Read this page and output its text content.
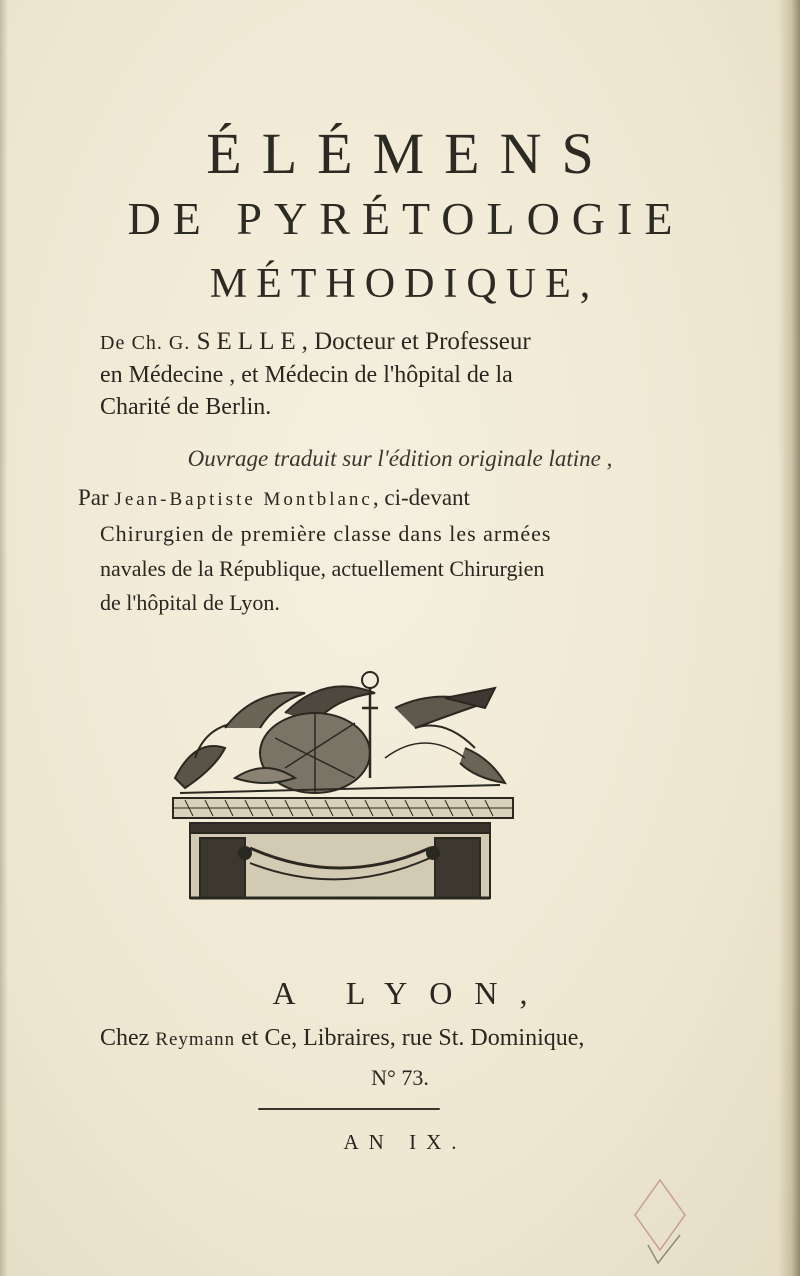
ÉLÉMENS
DE PYRÉTOLOGIE
MÉTHODIQUE,
De Ch. G. SELLE, Docteur et Professeur
en Médecine , et Médecin de l'hôpital de la
Charité de Berlin.
Ouvrage traduit sur l'édition originale latine ,
Par Jean-Baptiste Montblanc, ci-devant
Chirurgien de première classe dans les armées
navales de la République, actuellement Chirurgien
de l'hôpital de Lyon.
A LYON,
Chez Reymann et Ce, Libraires, rue St. Dominique,
N° 73.
AN IX.
